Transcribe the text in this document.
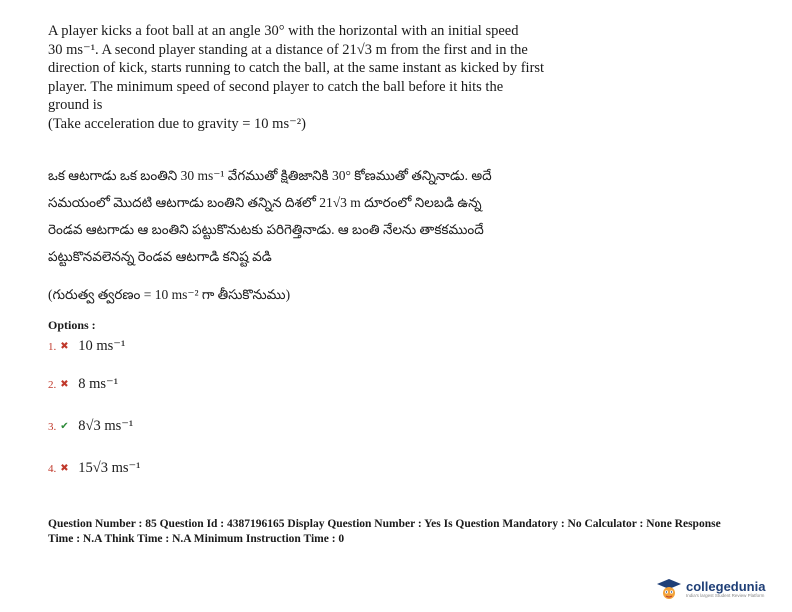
A player kicks a foot ball at an angle 30° with the horizontal with an initial speed

30 ms⁻¹. A second player standing at a distance of 21√3 m from the first and in the

direction of kick, starts running to catch the ball, at the same instant as kicked by first

player. The minimum speed of second player to catch the ball before it hits the

ground is

(Take acceleration due to gravity = 10 ms⁻²)

ఒక ఆటగాడు ఒక బంతిని 30 ms⁻¹ వేగముతో క్షితిజానికి 30° కోణముతో తన్నినాడు. అదే

సమయంలో మొదటి ఆటగాడు బంతిని తన్నిన దిశలో 21√3 m దూరంలో నిలబడి ఉన్న

రెండవ ఆటగాడు ఆ బంతిని పట్టుకొనుటకు పరిగెత్తినాడు. ఆ బంతి నేలను తాకకముందే

పట్టుకొనవలెనన్న రెండవ ఆటగాడి కనిష్ట వడి

(గురుత్వ త్వరణం = 10 ms⁻² గా తీసుకొనుము)
Options :
1. ✖ 10 ms⁻¹
2. ✖ 8 ms⁻¹
3. ✔ 8√3 ms⁻¹
4. ✖ 15√3 ms⁻¹

Question Number : 85 Question Id : 4387196165 Display Question Number : Yes Is Question Mandatory : No Calculator : None Response

Time : N.A Think Time : N.A Minimum Instruction Time : 0

collegedunia
India's largest Student Review Platform
